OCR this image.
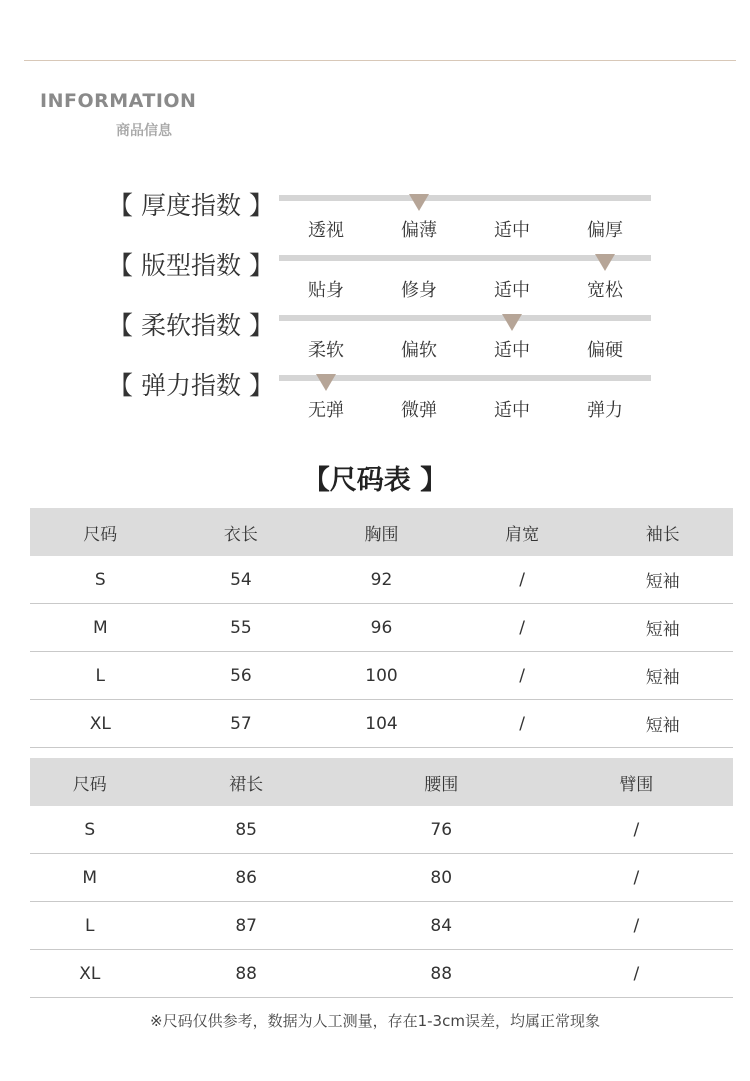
INFORMATION
商品信息
【 厚度指数 】
透视	偏薄	适中	偏厚
【 版型指数 】
贴身	修身	适中	宽松
【 柔软指数 】
柔软	偏软	适中	偏硬
【 弹力指数 】
无弹	微弹	适中	弹力
【尺码表 】
尺码	衣长	胸围	肩宽	袖长
S	54	92	/	短袖
M	55	96	/	短袖
L	56	100	/	短袖
XL	57	104	/	短袖
尺码	裙长	腰围	臂围
S	85	76	/
M	86	80	/
L	87	84	/
XL	88	88	/
※尺码仅供参考，数据为人工测量，存在1-3cm误差，均属正常现象
